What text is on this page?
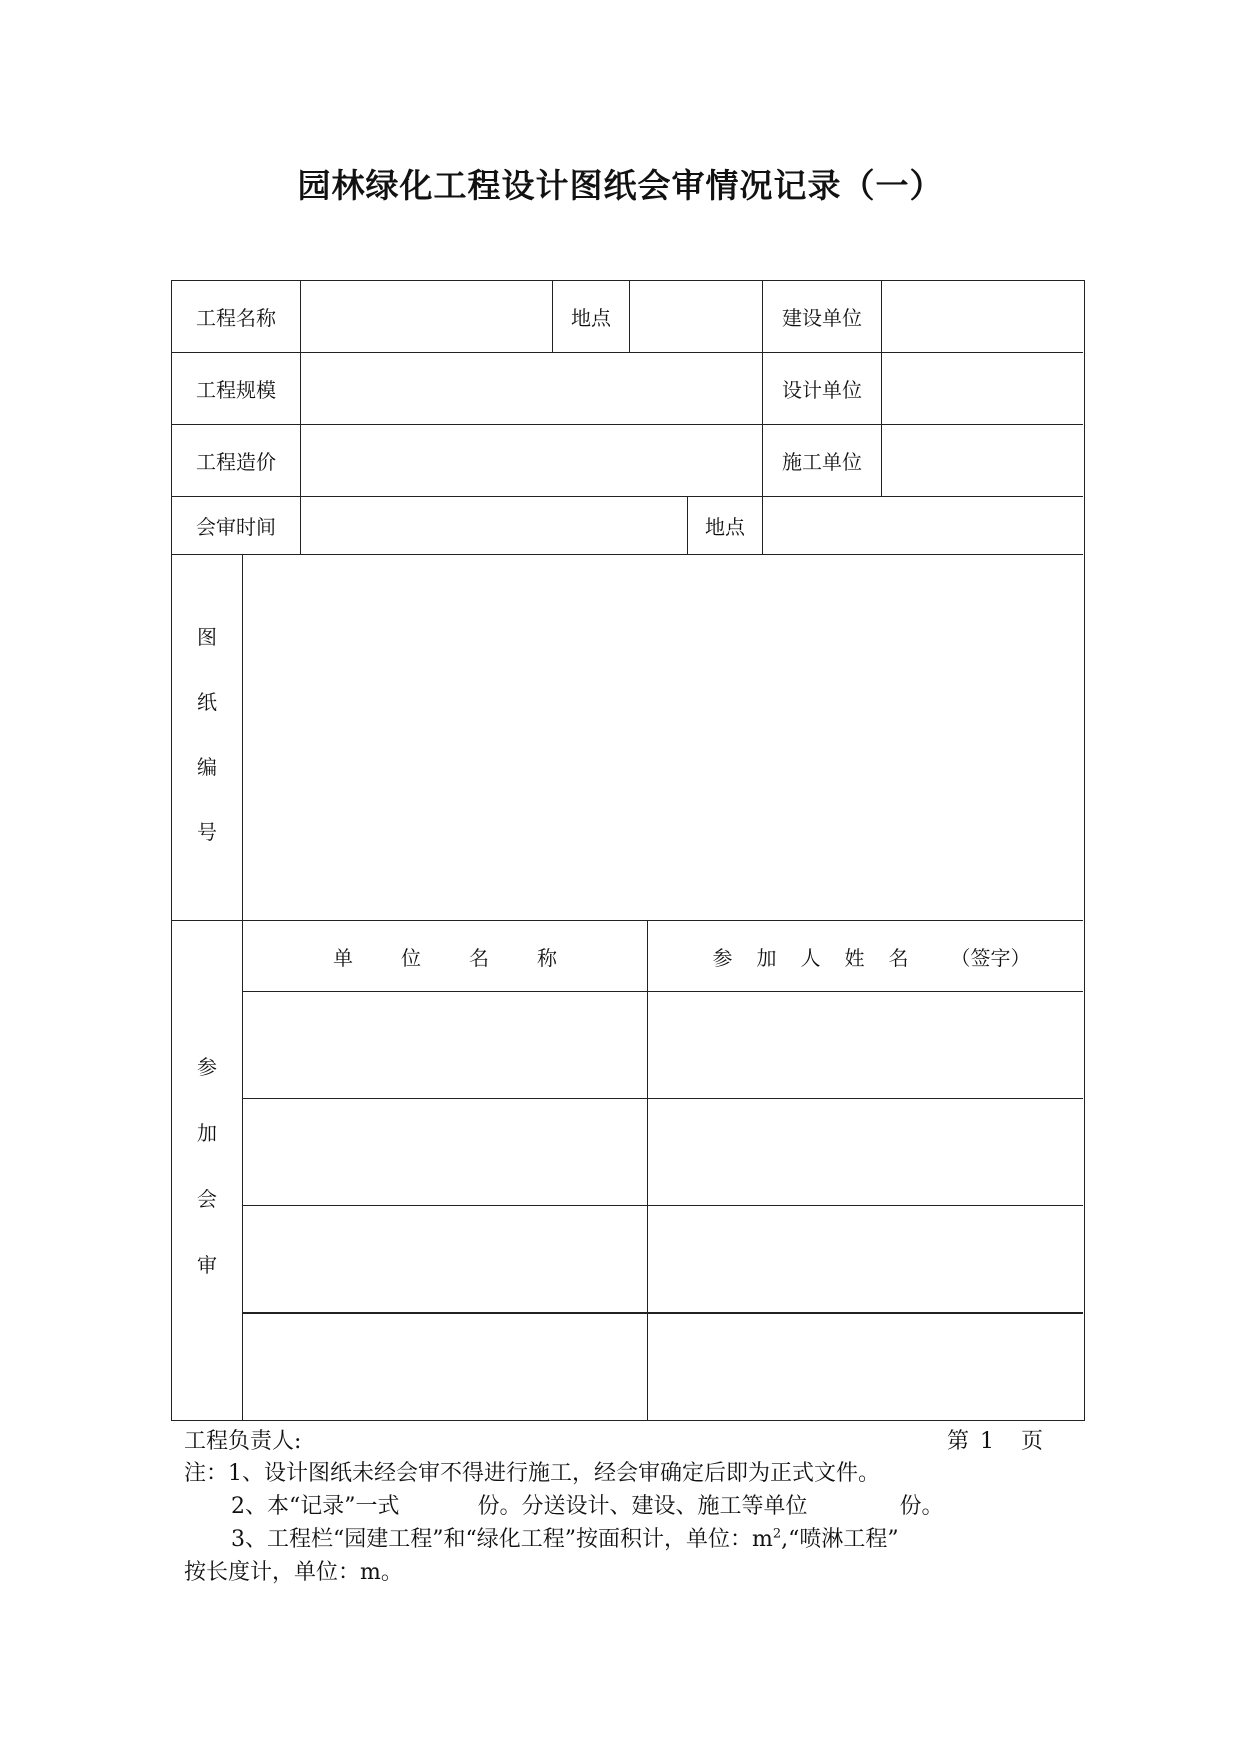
园林绿化工程设计图纸会审情况记录（一）
工程名称	地点	建设单位
工程规模	设计单位
工程造价	施工单位
会审时间	地点
图
纸
编
号
参
加
会
审
单 位 名 称	参 加 人 姓 名 （签字）
工程负责人:	第 1 页
注：1、设计图纸未经会审不得进行施工，经会审确定后即为正式文件。
2、本“记录”一式	份。分送设计、建设、施工等单位	份。
3、工程栏“园建工程”和“绿化工程”按面积计，单位：$m^2,“$喷淋工程”
按长度计，单位：m。
